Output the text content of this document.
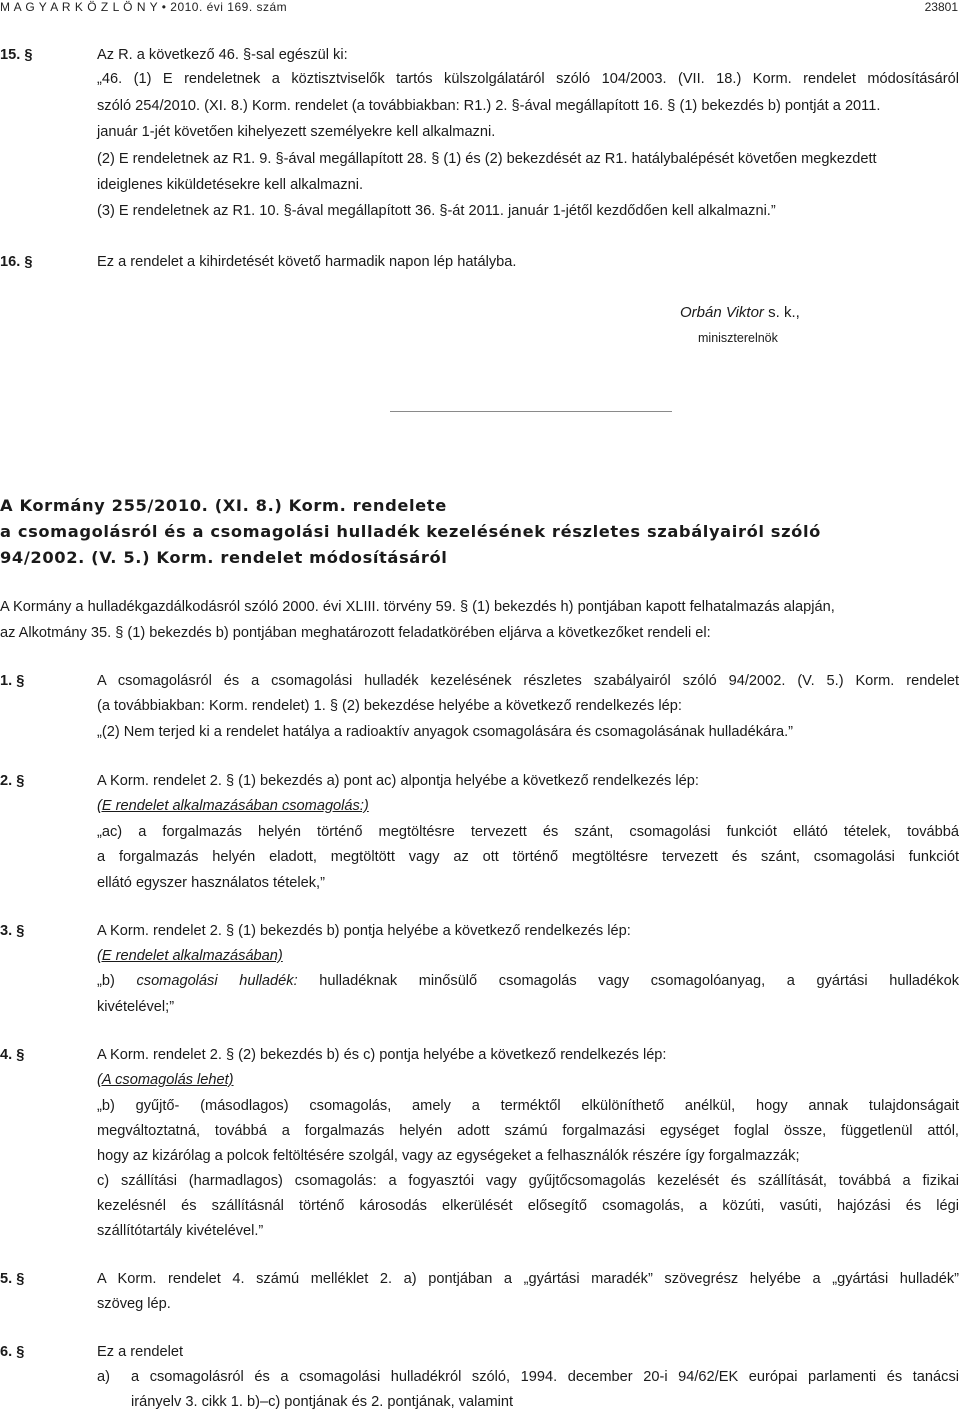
M A G Y A R K Ö Z L Ö N Y • 2010. évi 169. szám	23801
15. §	Az R. a következő 46. §-sal egészül ki:
„46. (1) E rendeletnek a köztisztviselők tartós külszolgálatáról szóló 104/2003. (VII. 18.) Korm. rendelet módosításáról
szóló 254/2010. (XI. 8.) Korm. rendelet (a továbbiakban: R1.) 2. §-ával megállapított 16. § (1) bekezdés b) pontját a 2011.
január 1-jét követően kihelyezett személyekre kell alkalmazni.
(2) E rendeletnek az R1. 9. §-ával megállapított 28. § (1) és (2) bekezdését az R1. hatálybalépését követően megkezdett
ideiglenes kiküldetésekre kell alkalmazni.
(3) E rendeletnek az R1. 10. §-ával megállapított 36. §-át 2011. január 1-jétől kezdődően kell alkalmazni.”
16. §	Ez a rendelet a kihirdetését követő harmadik napon lép hatályba.
Orbán Viktor s. k.,
miniszterelnök
A Kormány 255/2010. (XI. 8.) Korm. rendelete
a csomagolásról és a csomagolási hulladék kezelésének részletes szabályairól szóló
94/2002. (V. 5.) Korm. rendelet módosításáról
A Kormány a hulladékgazdálkodásról szóló 2000. évi XLIII. törvény 59. § (1) bekezdés h) pontjában kapott felhatalmazás alapján,
az Alkotmány 35. § (1) bekezdés b) pontjában meghatározott feladatkörében eljárva a következőket rendeli el:
1. §	A csomagolásról és a csomagolási hulladék kezelésének részletes szabályairól szóló 94/2002. (V. 5.) Korm. rendelet
(a továbbiakban: Korm. rendelet) 1. § (2) bekezdése helyébe a következő rendelkezés lép:
„(2) Nem terjed ki a rendelet hatálya a radioaktív anyagok csomagolására és csomagolásának hulladékára.”
2. §	A Korm. rendelet 2. § (1) bekezdés a) pont ac) alpontja helyébe a következő rendelkezés lép:
(E rendelet alkalmazásában csomagolás:)
„ac) a forgalmazás helyén történő megtöltésre tervezett és szánt, csomagolási funkciót ellátó tételek, továbbá
a forgalmazás helyén eladott, megtöltött vagy az ott történő megtöltésre tervezett és szánt, csomagolási funkciót
ellátó egyszer használatos tételek,”
3. §	A Korm. rendelet 2. § (1) bekezdés b) pontja helyébe a következő rendelkezés lép:
(E rendelet alkalmazásában)
„b) csomagolási hulladék: hulladéknak minősülő csomagolás vagy csomagolóanyag, a gyártási hulladékok
kivételével;”
4. §	A Korm. rendelet 2. § (2) bekezdés b) és c) pontja helyébe a következő rendelkezés lép:
(A csomagolás lehet)
„b) gyűjtő- (másodlagos) csomagolás, amely a terméktől elkülöníthető anélkül, hogy annak tulajdonságait
megváltoztatná, továbbá a forgalmazás helyén adott számú forgalmazási egységet foglal össze, függetlenül attól,
hogy az kizárólag a polcok feltöltésére szolgál, vagy az egységeket a felhasználók részére így forgalmazzák;
c) szállítási (harmadlagos) csomagolás: a fogyasztói vagy gyűjtőcsomagolás kezelését és szállítását, továbbá a fizikai
kezelésnél és szállításnál történő károsodás elkerülését elősegítő csomagolás, a közúti, vasúti, hajózási és légi
szállítótartály kivételével.”
5. §	A Korm. rendelet 4. számú melléklet 2. a) pontjában a „gyártási maradék” szövegrész helyébe a „gyártási hulladék”
szöveg lép.
6. §	Ez a rendelet
a) a csomagolásról és a csomagolási hulladékról szóló, 1994. december 20-i 94/62/EK európai parlamenti és tanácsi
irányelv 3. cikk 1. b)–c) pontjának és 2. pontjának, valamint
